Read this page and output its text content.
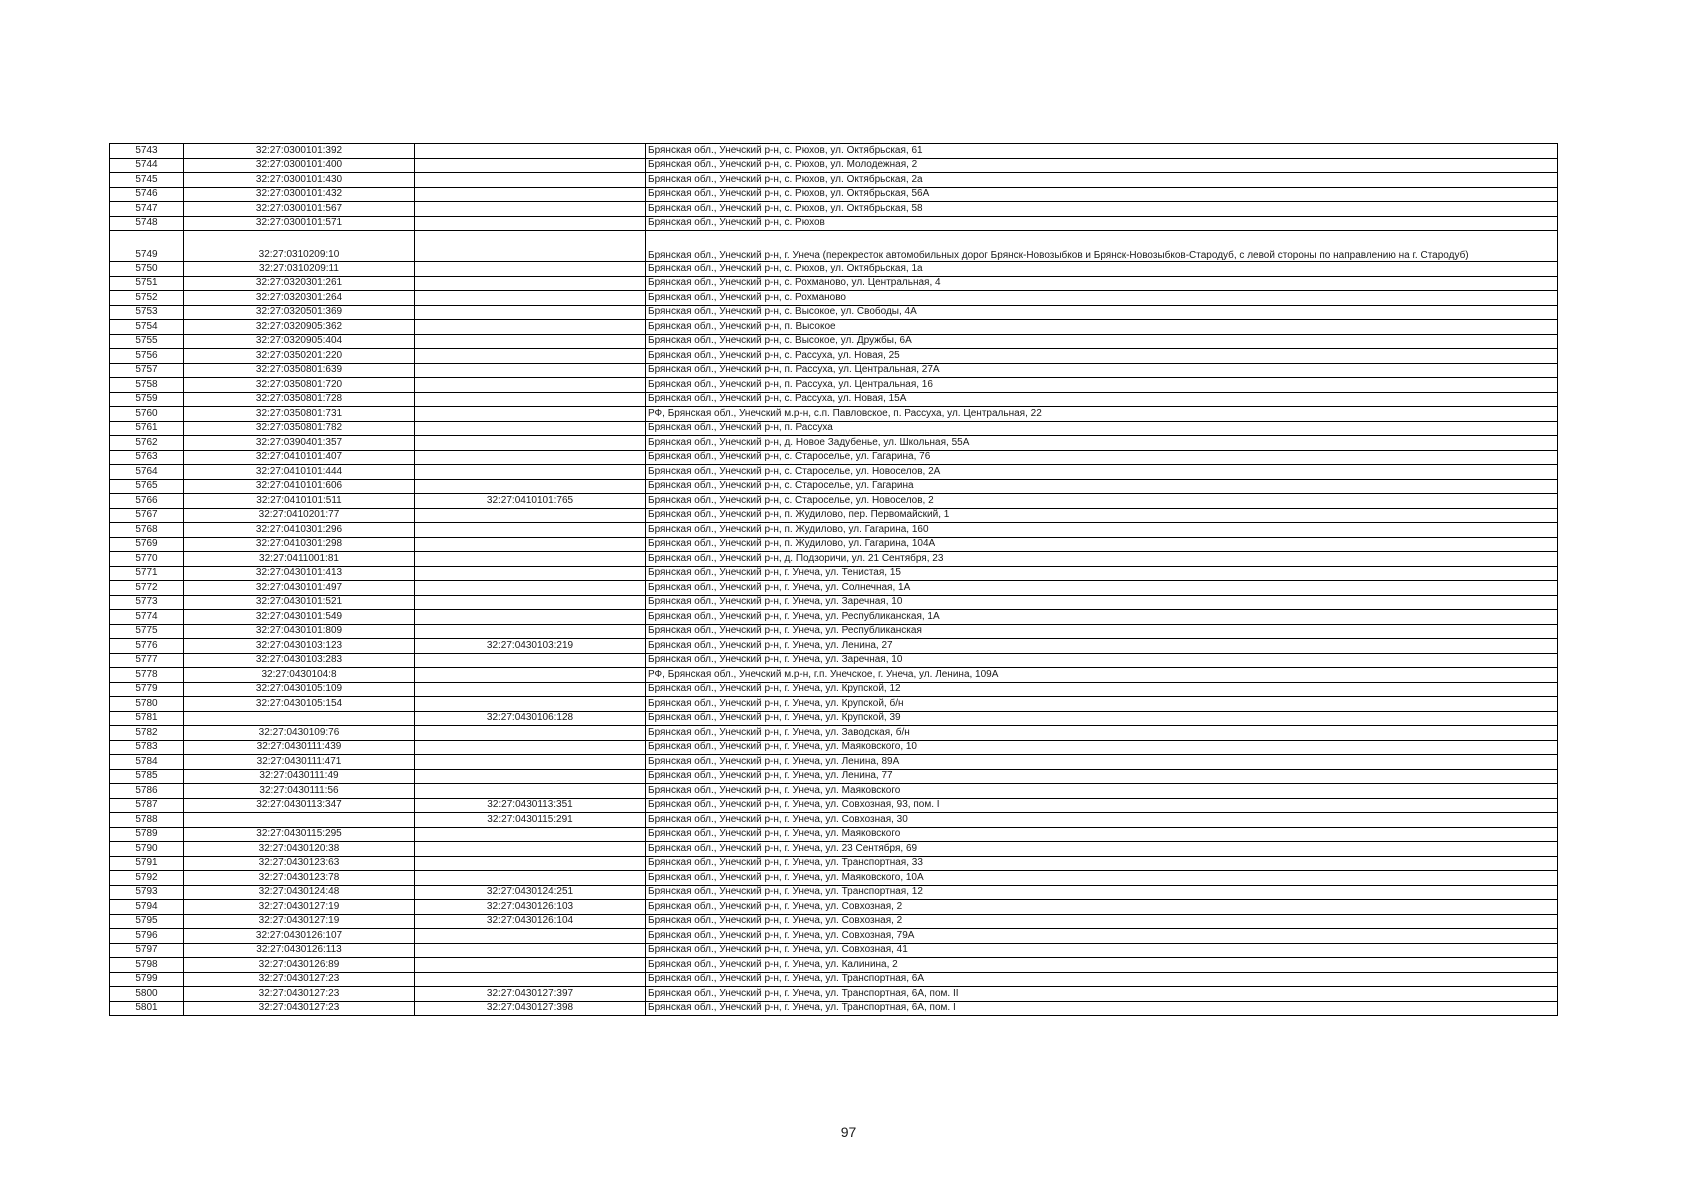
5743	32:27:0300101:392		Брянская обл., Унечский р-н, с. Рюхов, ул. Октябрьская, 61
5744	32:27:0300101:400		Брянская обл., Унечский р-н, с. Рюхов, ул. Молодежная, 2
5745	32:27:0300101:430		Брянская обл., Унечский р-н, с. Рюхов, ул. Октябрьская, 2а
5746	32:27:0300101:432		Брянская обл., Унечский р-н, с. Рюхов, ул. Октябрьская, 56А
5747	32:27:0300101:567		Брянская обл., Унечский р-н, с. Рюхов, ул. Октябрьская, 58
5748	32:27:0300101:571		Брянская обл., Унечский р-н, с. Рюхов
5749	32:27:0310209:10		Брянская обл., Унечский р-н, г. Унеча (перекресток автомобильных дорог Брянск-Новозыбков и Брянск-Новозыбков-Стародуб, с левой стороны по направлению на г. Стародуб)
5750	32:27:0310209:11		Брянская обл., Унечский р-н, с. Рюхов, ул. Октябрьская, 1а
5751	32:27:0320301:261		Брянская обл., Унечский р-н, с. Рохманово, ул. Центральная, 4
5752	32:27:0320301:264		Брянская обл., Унечский р-н, с. Рохманово
5753	32:27:0320501:369		Брянская обл., Унечский р-н, с. Высокое, ул. Свободы, 4А
5754	32:27:0320905:362		Брянская обл., Унечский р-н, п. Высокое
5755	32:27:0320905:404		Брянская обл., Унечский р-н, с. Высокое, ул. Дружбы, 6А
5756	32:27:0350201:220		Брянская обл., Унечский р-н, с. Рассуха, ул. Новая, 25
5757	32:27:0350801:639		Брянская обл., Унечский р-н, п. Рассуха, ул. Центральная, 27А
5758	32:27:0350801:720		Брянская обл., Унечский р-н, п. Рассуха, ул. Центральная, 16
5759	32:27:0350801:728		Брянская обл., Унечский р-н, с. Рассуха, ул. Новая, 15А
5760	32:27:0350801:731		РФ, Брянская обл., Унечский м.р-н, с.п. Павловское, п. Рассуха, ул. Центральная, 22
5761	32:27:0350801:782		Брянская обл., Унечский р-н, п. Рассуха
5762	32:27:0390401:357		Брянская обл., Унечский р-н, д. Новое Задубенье, ул. Школьная, 55А
5763	32:27:0410101:407		Брянская обл., Унечский р-н, с. Староселье, ул. Гагарина, 76
5764	32:27:0410101:444		Брянская обл., Унечский р-н, с. Староселье, ул. Новоселов, 2А
5765	32:27:0410101:606		Брянская обл., Унечский р-н, с. Староселье, ул. Гагарина
5766	32:27:0410101:511	32:27:0410101:765	Брянская обл., Унечский р-н, с. Староселье, ул. Новоселов, 2
5767	32:27:0410201:77		Брянская обл., Унечский р-н, п. Жудилово, пер. Первомайский, 1
5768	32:27:0410301:296		Брянская обл., Унечский р-н, п. Жудилово, ул. Гагарина, 160
5769	32:27:0410301:298		Брянская обл., Унечский р-н, п. Жудилово, ул. Гагарина, 104А
5770	32:27:0411001:81		Брянская обл., Унечский р-н, д. Подзоричи, ул. 21 Сентября, 23
5771	32:27:0430101:413		Брянская обл., Унечский р-н, г. Унеча, ул. Тенистая, 15
5772	32:27:0430101:497		Брянская обл., Унечский р-н, г. Унеча, ул. Солнечная, 1А
5773	32:27:0430101:521		Брянская обл., Унечский р-н, г. Унеча, ул. Заречная, 10
5774	32:27:0430101:549		Брянская обл., Унечский р-н, г. Унеча, ул. Республиканская, 1А
5775	32:27:0430101:809		Брянская обл., Унечский р-н, г. Унеча, ул. Республиканская
5776	32:27:0430103:123	32:27:0430103:219	Брянская обл., Унечский р-н, г. Унеча, ул. Ленина, 27
5777	32:27:0430103:283		Брянская обл., Унечский р-н, г. Унеча, ул. Заречная, 10
5778	32:27:0430104:8		РФ, Брянская обл., Унечский м.р-н, г.п. Унечское, г. Унеча, ул. Ленина, 109А
5779	32:27:0430105:109		Брянская обл., Унечский р-н, г. Унеча, ул. Крупской, 12
5780	32:27:0430105:154		Брянская обл., Унечский р-н, г. Унеча, ул. Крупской, б/н
5781		32:27:0430106:128	Брянская обл., Унечский р-н, г. Унеча, ул. Крупской, 39
5782	32:27:0430109:76		Брянская обл., Унечский р-н, г. Унеча, ул. Заводская, б/н
5783	32:27:0430111:439		Брянская обл., Унечский р-н, г. Унеча, ул. Маяковского, 10
5784	32:27:0430111:471		Брянская обл., Унечский р-н, г. Унеча, ул. Ленина, 89А
5785	32:27:0430111:49		Брянская обл., Унечский р-н, г. Унеча, ул. Ленина, 77
5786	32:27:0430111:56		Брянская обл., Унечский р-н, г. Унеча, ул. Маяковского
5787	32:27:0430113:347	32:27:0430113:351	Брянская обл., Унечский р-н, г. Унеча, ул. Совхозная, 93, пом. I
5788		32:27:0430115:291	Брянская обл., Унечский р-н, г. Унеча, ул. Совхозная, 30
5789	32:27:0430115:295		Брянская обл., Унечский р-н, г. Унеча, ул. Маяковского
5790	32:27:0430120:38		Брянская обл., Унечский р-н, г. Унеча, ул. 23 Сентября, 69
5791	32:27:0430123:63		Брянская обл., Унечский р-н, г. Унеча, ул. Транспортная, 33
5792	32:27:0430123:78		Брянская обл., Унечский р-н, г. Унеча, ул. Маяковского, 10А
5793	32:27:0430124:48	32:27:0430124:251	Брянская обл., Унечский р-н, г. Унеча, ул. Транспортная, 12
5794	32:27:0430127:19	32:27:0430126:103	Брянская обл., Унечский р-н, г. Унеча, ул. Совхозная, 2
5795	32:27:0430127:19	32:27:0430126:104	Брянская обл., Унечский р-н, г. Унеча, ул. Совхозная, 2
5796	32:27:0430126:107		Брянская обл., Унечский р-н, г. Унеча, ул. Совхозная, 79А
5797	32:27:0430126:113		Брянская обл., Унечский р-н, г. Унеча, ул. Совхозная, 41
5798	32:27:0430126:89		Брянская обл., Унечский р-н, г. Унеча, ул. Калинина, 2
5799	32:27:0430127:23		Брянская обл., Унечский р-н, г. Унеча, ул. Транспортная, 6А
5800	32:27:0430127:23	32:27:0430127:397	Брянская обл., Унечский р-н, г. Унеча, ул. Транспортная, 6А, пом. II
5801	32:27:0430127:23	32:27:0430127:398	Брянская обл., Унечский р-н, г. Унеча, ул. Транспортная, 6А, пом. I
97
